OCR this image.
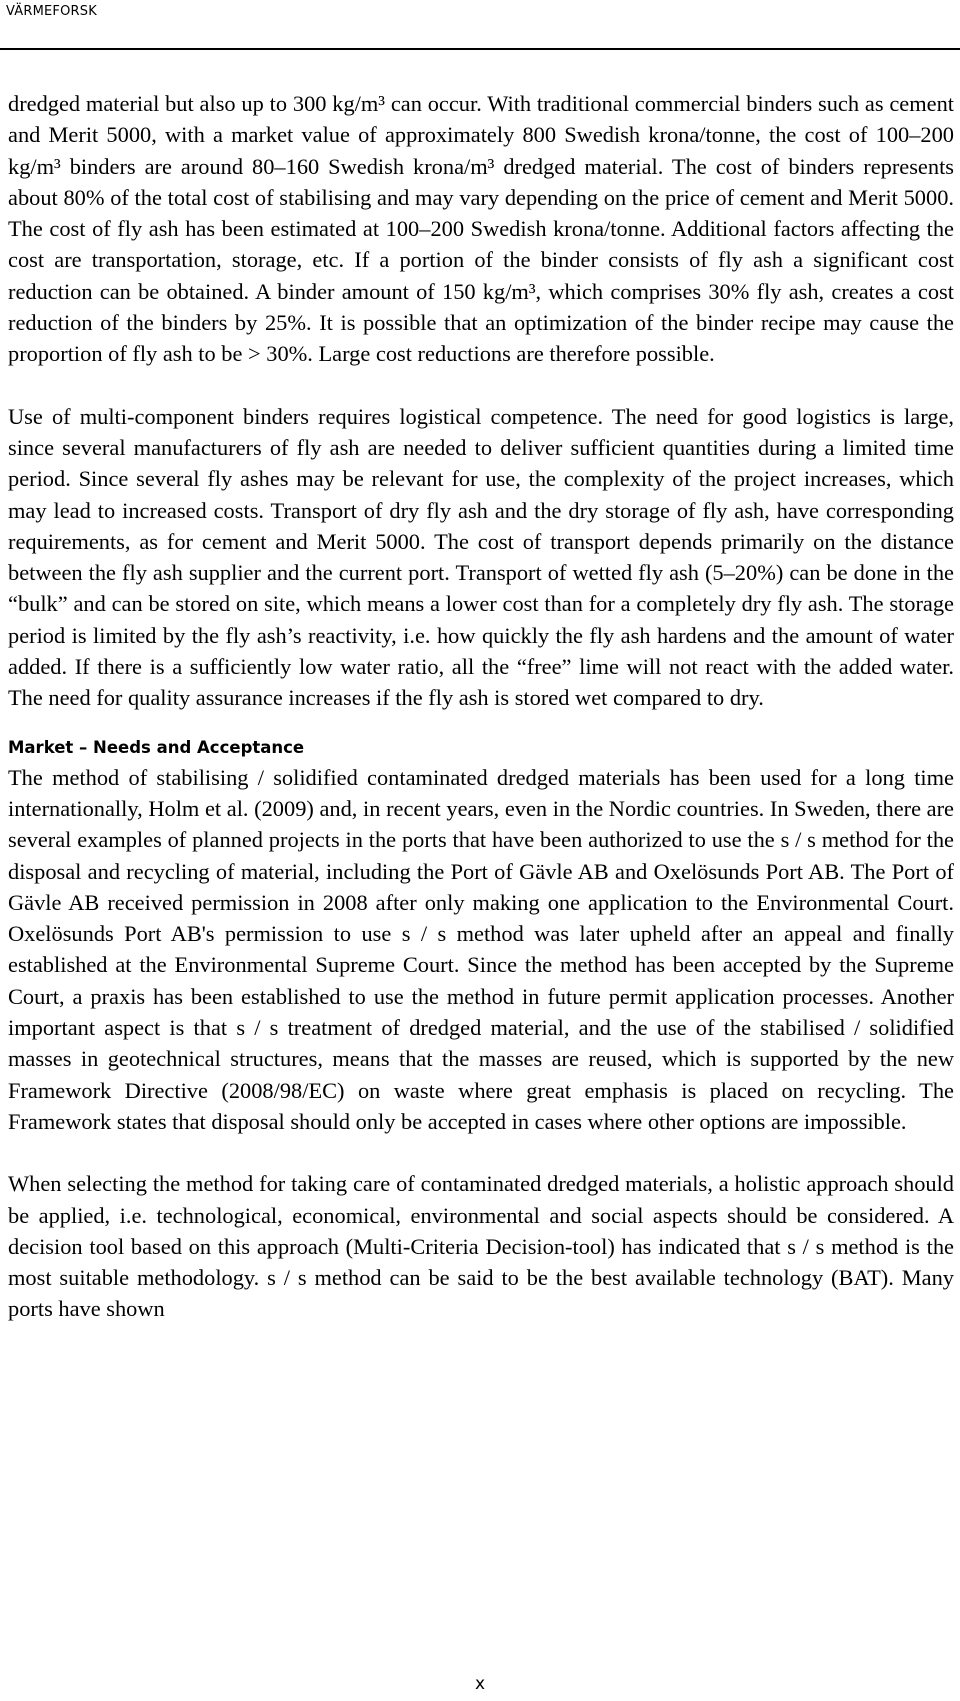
VÄRMEFORSK

dredged material but also up to 300 kg/m³ can occur. With traditional commercial binders such as cement and Merit 5000, with a market value of approximately 800 Swedish krona/tonne, the cost of 100–200 kg/m³ binders are around 80–160 Swedish krona/m³ dredged material. The cost of binders represents about 80% of the total cost of stabilising and may vary depending on the price of cement and Merit 5000. The cost of fly ash has been estimated at 100–200 Swedish krona/tonne. Additional factors affecting the cost are transportation, storage, etc. If a portion of the binder consists of fly ash a significant cost reduction can be obtained. A binder amount of 150 kg/m³, which comprises 30% fly ash, creates a cost reduction of the binders by 25%. It is possible that an optimization of the binder recipe may cause the proportion of fly ash to be > 30%. Large cost reductions are therefore possible.

Use of multi-component binders requires logistical competence. The need for good logistics is large, since several manufacturers of fly ash are needed to deliver sufficient quantities during a limited time period. Since several fly ashes may be relevant for use, the complexity of the project increases, which may lead to increased costs. Transport of dry fly ash and the dry storage of fly ash, have corresponding requirements, as for cement and Merit 5000. The cost of transport depends primarily on the distance between the fly ash supplier and the current port. Transport of wetted fly ash (5–20%) can be done in the “bulk” and can be stored on site, which means a lower cost than for a completely dry fly ash. The storage period is limited by the fly ash’s reactivity, i.e. how quickly the fly ash hardens and the amount of water added. If there is a sufficiently low water ratio, all the “free” lime will not react with the added water. The need for quality assurance increases if the fly ash is stored wet compared to dry.

Market – Needs and Acceptance

The method of stabilising / solidified contaminated dredged materials has been used for a long time internationally, Holm et al. (2009) and, in recent years, even in the Nordic countries. In Sweden, there are several examples of planned projects in the ports that have been authorized to use the s / s method for the disposal and recycling of material, including the Port of Gävle AB and Oxelösunds Port AB. The Port of Gävle AB received permission in 2008 after only making one application to the Environmental Court. Oxelösunds Port AB's permission to use s / s method was later upheld after an appeal and finally established at the Environmental Supreme Court. Since the method has been accepted by the Supreme Court, a praxis has been established to use the method in future permit application processes. Another important aspect is that s / s treatment of dredged material, and the use of the stabilised / solidified masses in geotechnical structures, means that the masses are reused, which is supported by the new Framework Directive (2008/98/EC) on waste where great emphasis is placed on recycling. The Framework states that disposal should only be accepted in cases where other options are impossible.

When selecting the method for taking care of contaminated dredged materials, a holistic approach should be applied, i.e. technological, economical, environmental and social aspects should be considered. A decision tool based on this approach (Multi-Criteria Decision-tool) has indicated that s / s method is the most suitable methodology. s / s method can be said to be the best available technology (BAT). Many ports have shown

x
